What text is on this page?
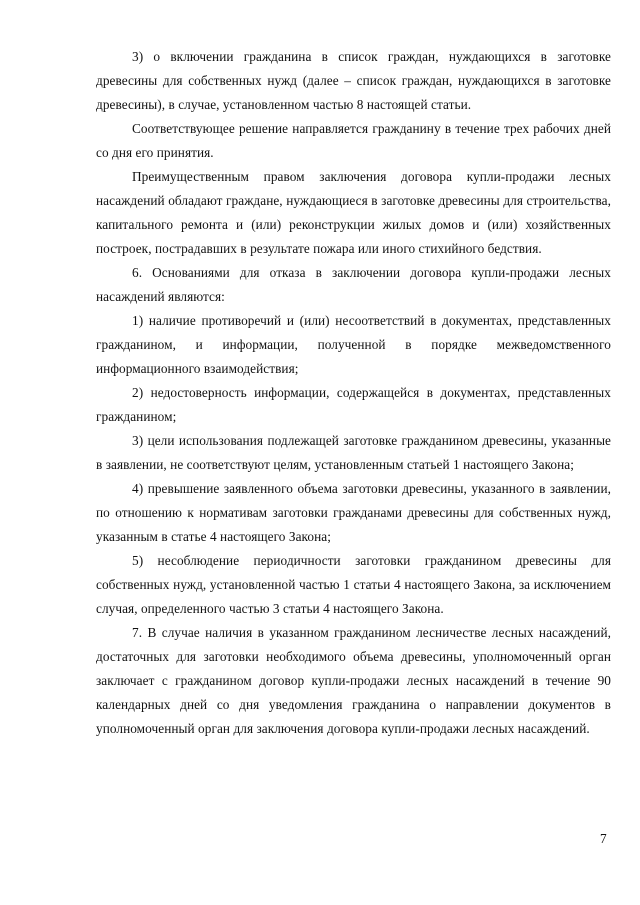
3) о включении гражданина в список граждан, нуждающихся в заготовке древесины для собственных нужд (далее – список граждан, нуждающихся в заготовке древесины), в случае, установленном частью 8 настоящей статьи.

Соответствующее решение направляется гражданину в течение трех рабочих дней со дня его принятия.

Преимущественным правом заключения договора купли-продажи лесных насаждений обладают граждане, нуждающиеся в заготовке древесины для строительства, капитального ремонта и (или) реконструкции жилых домов и (или) хозяйственных построек, пострадавших в результате пожара или иного стихийного бедствия.

6. Основаниями для отказа в заключении договора купли-продажи лесных насаждений являются:

1) наличие противоречий и (или) несоответствий в документах, представленных гражданином, и информации, полученной в порядке межведомственного информационного взаимодействия;

2) недостоверность информации, содержащейся в документах, представленных гражданином;

3) цели использования подлежащей заготовке гражданином древесины, указанные в заявлении, не соответствуют целям, установленным статьей 1 настоящего Закона;

4) превышение заявленного объема заготовки древесины, указанного в заявлении, по отношению к нормативам заготовки гражданами древесины для собственных нужд, указанным в статье 4 настоящего Закона;

5) несоблюдение периодичности заготовки гражданином древесины для собственных нужд, установленной частью 1 статьи 4 настоящего Закона, за исключением случая, определенного частью 3 статьи 4 настоящего Закона.

7. В случае наличия в указанном гражданином лесничестве лесных насаждений, достаточных для заготовки необходимого объема древесины, уполномоченный орган заключает с гражданином договор купли-продажи лесных насаждений в течение 90 календарных дней со дня уведомления гражданина о направлении документов в уполномоченный орган для заключения договора купли-продажи лесных насаждений.

7
